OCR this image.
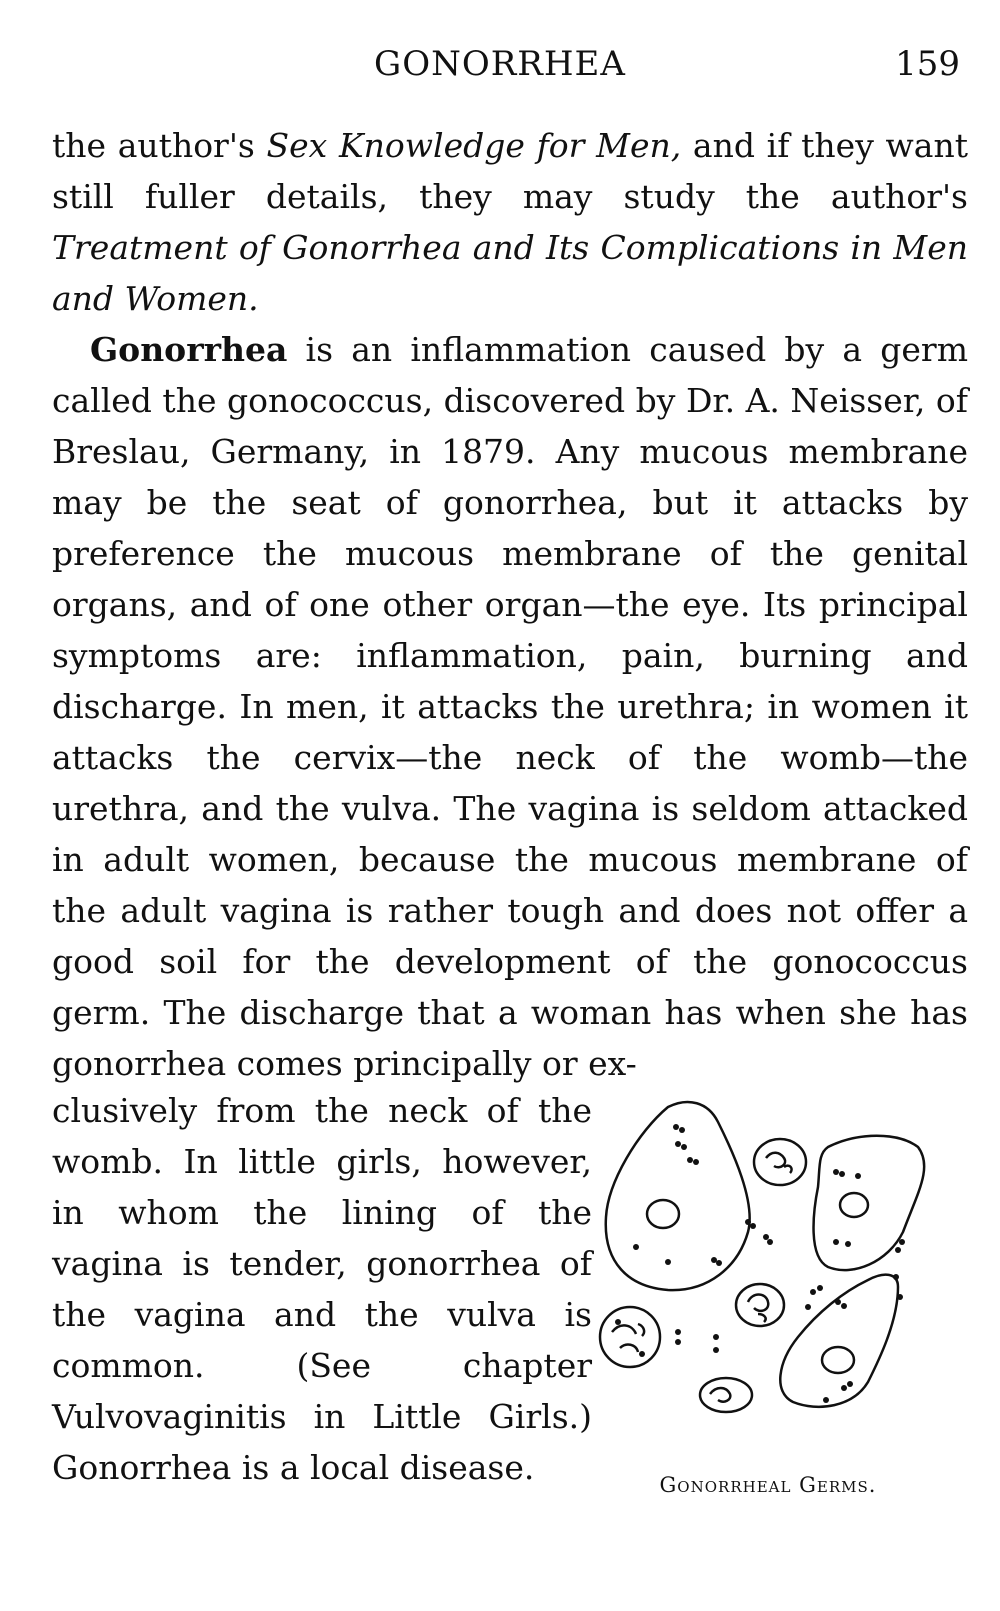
GONORRHEA	159

the author's Sex Knowledge for Men, and if they want still fuller details, they may study the author's Treatment of Gonorrhea and Its Complications in Men and Women.

Gonorrhea is an inflammation caused by a germ called the gonococcus, discovered by Dr. A. Neisser, of Breslau, Germany, in 1879. Any mucous membrane may be the seat of gonorrhea, but it attacks by preference the mucous membrane of the genital organs, and of one other organ—the eye. Its principal symptoms are: inflammation, pain, burning and discharge. In men, it attacks the urethra; in women it attacks the cervix—the neck of the womb—the urethra, and the vulva. The vagina is seldom attacked in adult women, because the mucous membrane of the adult vagina is rather tough and does not offer a good soil for the development of the gonococcus germ. The discharge that a woman has when she has gonorrhea comes principally or ex-

clusively from the neck of the womb. In little girls, however, in whom the lining of the vagina is tender, gonorrhea of the vagina and the vulva is common. (See chapter Vulvovaginitis in Little Girls.) Gonorrhea is a local disease.	Gonorrheal Germs.
